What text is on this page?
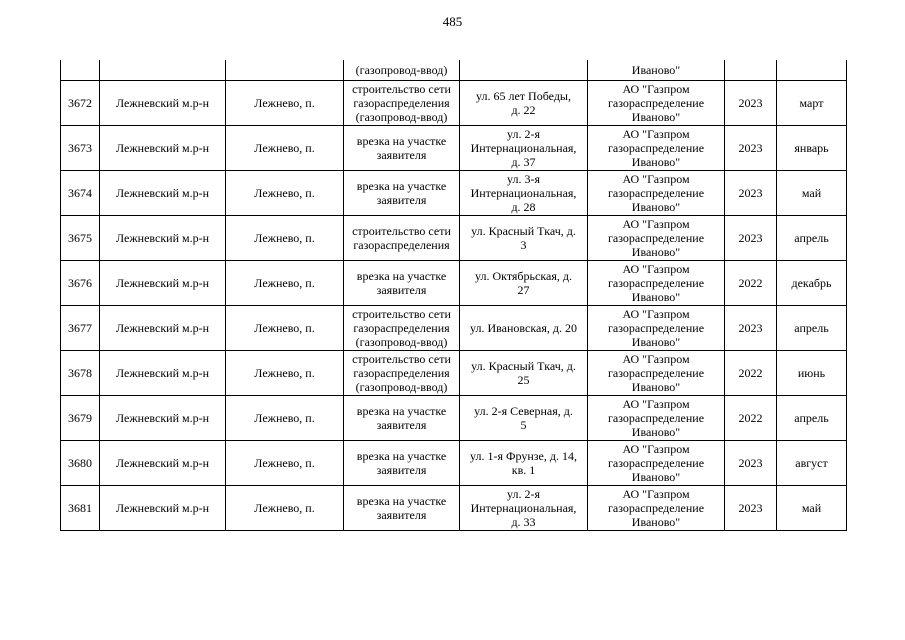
485
			(газопровод-ввод)		Иваново"		
3672	Лежневский м.р-н	Лежнево, п.	строительство сети
газораспределения
(газопровод-ввод)	ул. 65 лет Победы,
д. 22	АО "Газпром
газораспределение
Иваново"	2023	март
3673	Лежневский м.р-н	Лежнево, п.	врезка на участке
заявителя	ул. 2-я
Интернациональная,
д. 37	АО "Газпром
газораспределение
Иваново"	2023	январь
3674	Лежневский м.р-н	Лежнево, п.	врезка на участке
заявителя	ул. 3-я
Интернациональная,
д. 28	АО "Газпром
газораспределение
Иваново"	2023	май
3675	Лежневский м.р-н	Лежнево, п.	строительство сети
газораспределения	ул. Красный Ткач, д.
3	АО "Газпром
газораспределение
Иваново"	2023	апрель
3676	Лежневский м.р-н	Лежнево, п.	врезка на участке
заявителя	ул. Октябрьская, д.
27	АО "Газпром
газораспределение
Иваново"	2022	декабрь
3677	Лежневский м.р-н	Лежнево, п.	строительство сети
газораспределения
(газопровод-ввод)	ул. Ивановская, д. 20	АО "Газпром
газораспределение
Иваново"	2023	апрель
3678	Лежневский м.р-н	Лежнево, п.	строительство сети
газораспределения
(газопровод-ввод)	ул. Красный Ткач, д.
25	АО "Газпром
газораспределение
Иваново"	2022	июнь
3679	Лежневский м.р-н	Лежнево, п.	врезка на участке
заявителя	ул. 2-я Северная, д.
5	АО "Газпром
газораспределение
Иваново"	2022	апрель
3680	Лежневский м.р-н	Лежнево, п.	врезка на участке
заявителя	ул. 1-я Фрунзе, д. 14,
кв. 1	АО "Газпром
газораспределение
Иваново"	2023	август
3681	Лежневский м.р-н	Лежнево, п.	врезка на участке
заявителя	ул. 2-я
Интернациональная,
д. 33	АО "Газпром
газораспределение
Иваново"	2023	май
